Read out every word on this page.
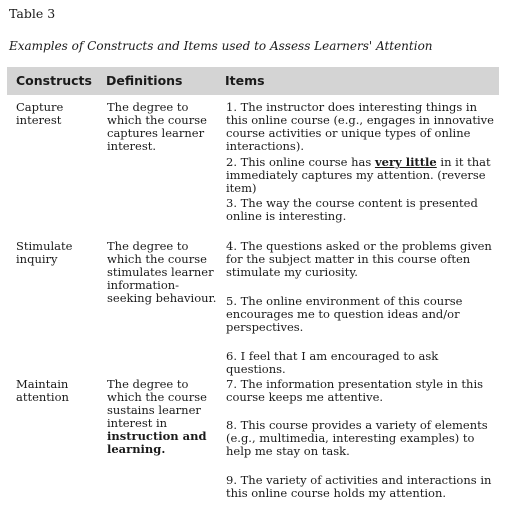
Table 3
Examples of Constructs and Items used to Assess Learners' Attention
Constructs Definitions	Items
Capture interest
The degree to which the course captures learner interest.
1. The instructor does interesting things in this online course (e.g., engages in innovative course activities or unique types of online interactions).
2. This online course has very little in it that immediately captures my attention. (reverse item)
3. The way the course content is presented online is interesting.
Stimulate inquiry
The degree to which the course stimulates learner information-seeking behaviour.
4. The questions asked or the problems given for the subject matter in this course often stimulate my curiosity.
5. The online environment of this course encourages me to question ideas and/or perspectives.
6. I feel that I am encouraged to ask questions.
Maintain attention
The degree to which the course sustains learner interest in instruction and learning.
7. The information presentation style in this course keeps me attentive.
8. This course provides a variety of elements (e.g., multimedia, interesting examples) to help me stay on task.
9. The variety of activities and interactions in this online course holds my attention.
